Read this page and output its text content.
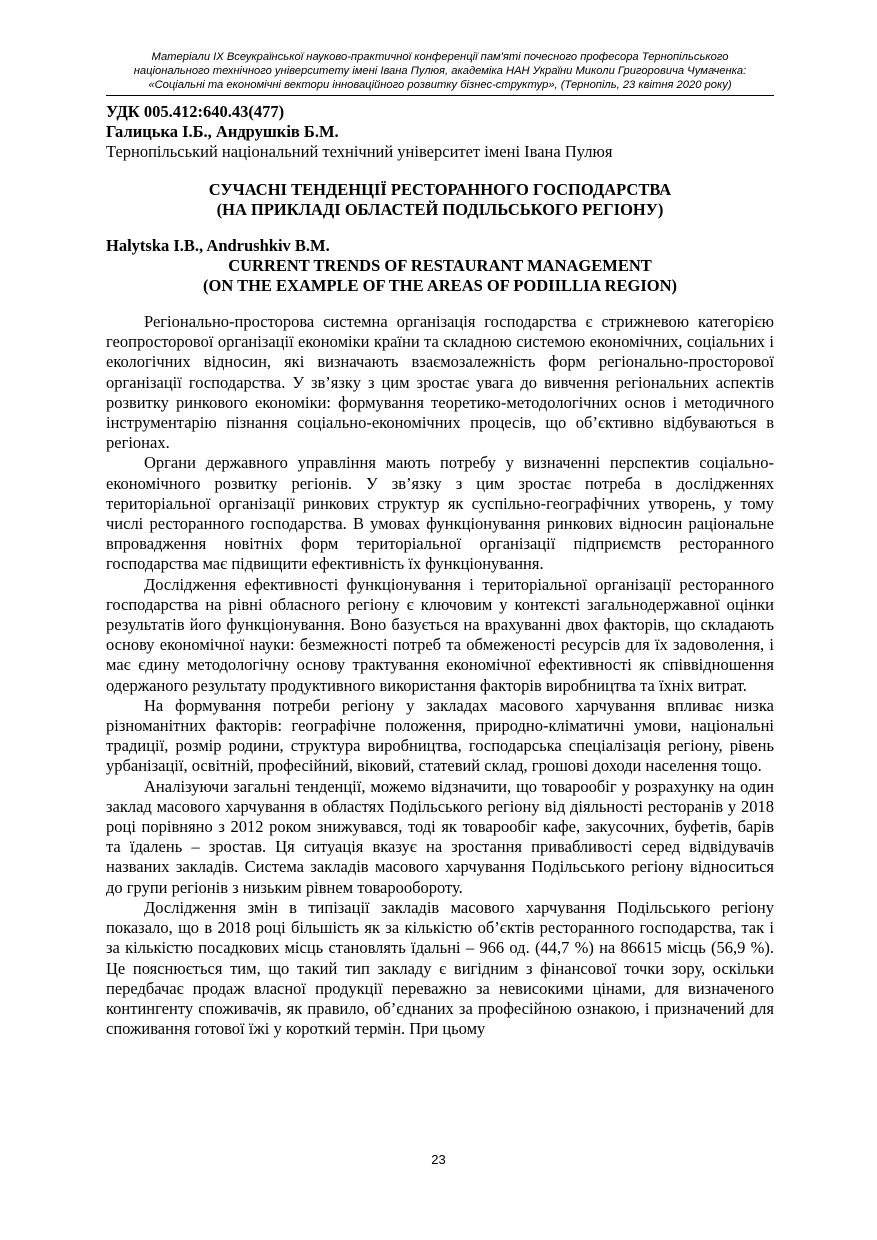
Матеріали IX Всеукраїнської науково-практичної конференції пам'яті почесного професора Тернопільського
національного технічного університету імені Івана Пулюя, академіка НАН України Миколи Григоровича Чумаченка:
«Соціальні та економічні вектори інноваційного розвитку бізнес-структур», (Тернопіль, 23 квітня 2020 року)

УДК 005.412:640.43(477)

Галицька І.Б., Андрушків Б.М.

Тернопільський національний технічний університет імені Івана Пулюя

СУЧАСНІ ТЕНДЕНЦІЇ РЕСТОРАННОГО ГОСПОДАРСТВА
(НА ПРИКЛАДІ ОБЛАСТЕЙ ПОДІЛЬСЬКОГО РЕГІОНУ)

Halytska I.B., Andrushkiv B.M.

CURRENT TRENDS OF RESTAURANT MANAGEMENT
(ON THE EXAMPLE OF THE AREAS OF PODIILLIA REGION)

Регіонально-просторова системна організація господарства є стрижневою категорією геопросторової організації економіки країни та складною системою економічних, соціальних і екологічних відносин, які визначають взаємозалежність форм регіонально-просторової організації господарства. У зв’язку з цим зростає увага до вивчення регіональних аспектів розвитку ринкового економіки: формування теоретико-методологічних основ і методичного інструментарію пізнання соціально-економічних процесів, що об’єктивно відбуваються в регіонах.

Органи державного управління мають потребу у визначенні перспектив соціально-економічного розвитку регіонів. У зв’язку з цим зростає потреба в дослідженнях територіальної організації ринкових структур як суспільно-географічних утворень, у тому числі ресторанного господарства. В умовах функціонування ринкових відносин раціональне впровадження новітніх форм територіальної організації підприємств ресторанного господарства має підвищити ефективність їх функціонування.

Дослідження ефективності функціонування і територіальної організації ресторанного господарства на рівні обласного регіону є ключовим у контексті загальнодержавної оцінки результатів його функціонування. Воно базується на врахуванні двох факторів, що складають основу економічної науки: безмежності потреб та обмеженості ресурсів для їх задоволення, і має єдину методологічну основу трактування економічної ефективності як співвідношення одержаного результату продуктивного використання факторів виробництва та їхніх витрат.

На формування потреби регіону у закладах масового харчування впливає низка різноманітних факторів: географічне положення, природно-кліматичні умови, національні традиції, розмір родини, структура виробництва, господарська спеціалізація регіону, рівень урбанізації, освітній, професійний, віковий, статевий склад, грошові доходи населення тощо.

Аналізуючи загальні тенденції, можемо відзначити, що товарообіг у розрахунку на один заклад масового харчування в областях Подільського регіону від діяльності ресторанів у 2018 році порівняно з 2012 роком знижувався, тоді як товарообіг кафе, закусочних, буфетів, барів та їдалень – зростав. Ця ситуація вказує на зростання привабливості серед відвідувачів названих закладів. Система закладів масового харчування Подільського регіону відноситься до групи регіонів з низьким рівнем товарообороту.

Дослідження змін в типізації закладів масового харчування Подільського регіону показало, що в 2018 році більшість як за кількістю об’єктів ресторанного господарства, так і за кількістю посадкових місць становлять їдальні – 966 од. (44,7 %) на 86615 місць (56,9 %). Це пояснюється тим, що такий тип закладу є вигідним з фінансової точки зору, оскільки передбачає продаж власної продукції переважно за невисокими цінами, для визначеного контингенту споживачів, як правило, об’єднаних за професійною ознакою, і призначений для споживання готової їжі у короткий термін. При цьому

23
